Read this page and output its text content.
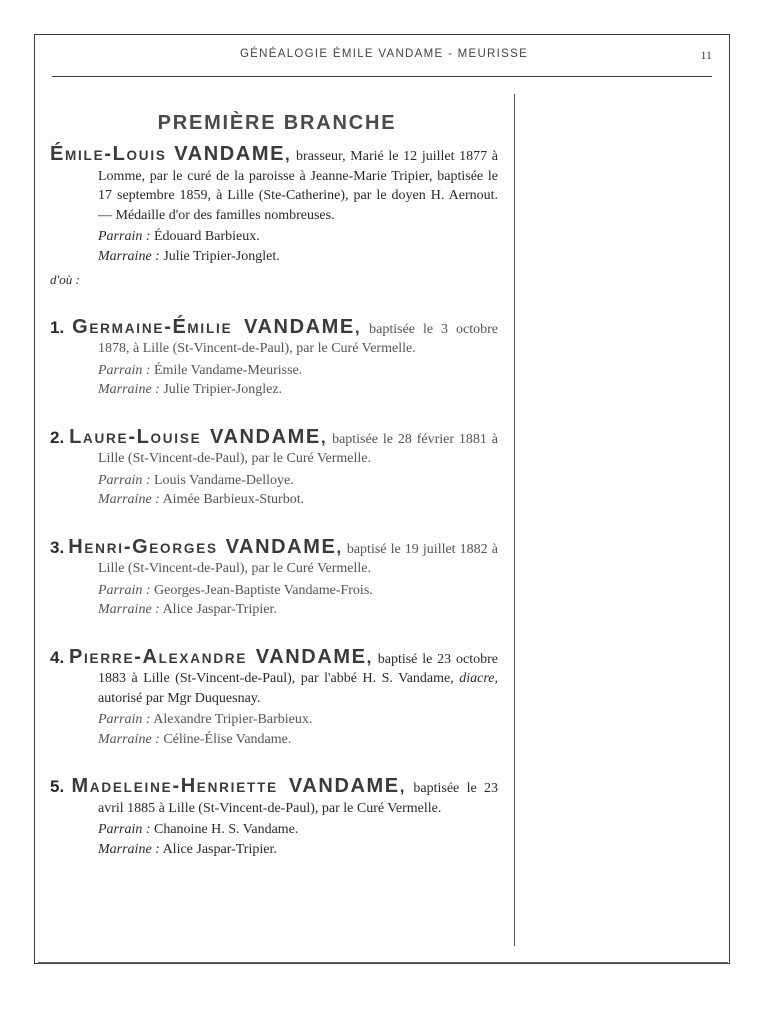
GÉNÉALOGIE ÉMILE VANDAME - MEURISSE	11
PREMIÈRE BRANCHE
ÉMILE-LOUIS VANDAME, brasseur, Marié le 12 juillet 1877 à Lomme, par le curé de la paroisse à Jeanne-Marie Tripier, baptisée le 17 septembre 1859, à Lille (Ste-Catherine), par le doyen H. Aernout. — Médaille d'or des familles nombreuses.
Parrain : Édouard Barbieux.
Marraine : Julie Tripier-Jonglet.
d'où :
1. GERMAINE-ÉMILIE VANDAME, baptisée le 3 octobre 1878, à Lille (St-Vincent-de-Paul), par le Curé Vermelle.
Parrain : Émile Vandame-Meurisse.
Marraine : Julie Tripier-Jonglez.
2. LAURE-LOUISE VANDAME, baptisée le 28 février 1881 à Lille (St-Vincent-de-Paul), par le Curé Vermelle.
Parrain : Louis Vandame-Delloye.
Marraine : Aimée Barbieux-Sturbot.
3. HENRI-GEORGES VANDAME, baptisé le 19 juillet 1882 à Lille (St-Vincent-de-Paul), par le Curé Vermelle.
Parrain : Georges-Jean-Baptiste Vandame-Frois.
Marraine : Alice Jaspar-Tripier.
4. PIERRE-ALEXANDRE VANDAME, baptisé le 23 octobre 1883 à Lille (St-Vincent-de-Paul), par l'abbé H. S. Vandame, diacre, autorisé par Mgr Duquesnay.
Parrain : Alexandre Tripier-Barbieux.
Marraine : Céline-Élise Vandame.
5. MADELEINE-HENRIETTE VANDAME, baptisée le 23 avril 1885 à Lille (St-Vincent-de-Paul), par le Curé Vermelle.
Parrain : Chanoine H. S. Vandame.
Marraine : Alice Jaspar-Tripier.
